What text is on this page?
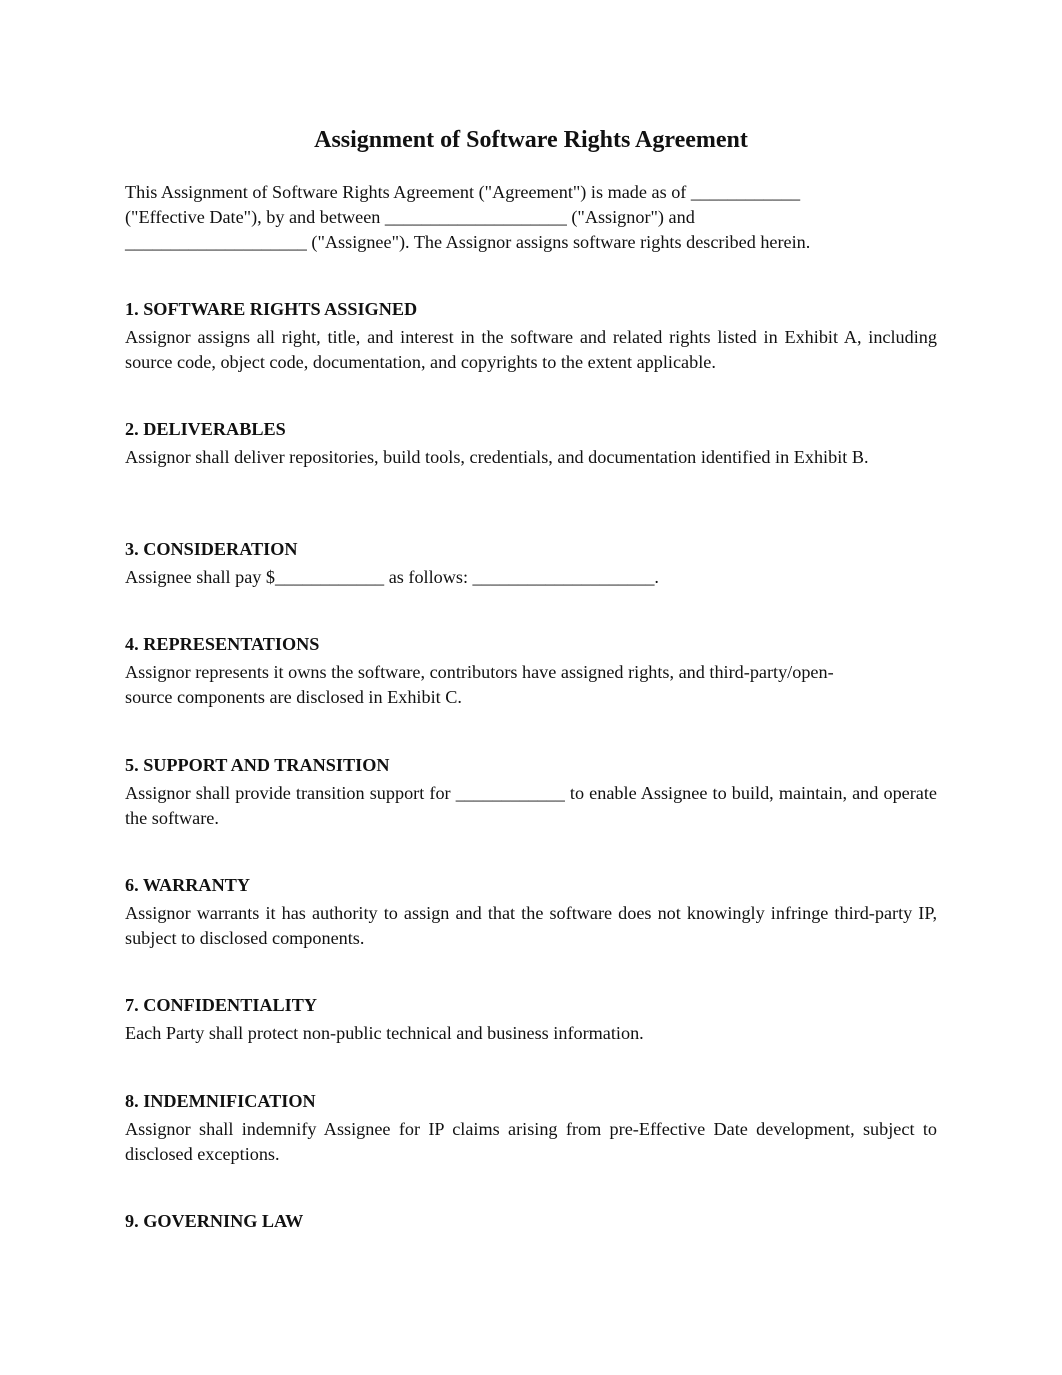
Assignment of Software Rights Agreement
This Assignment of Software Rights Agreement ("Agreement") is made as of ____________
("Effective Date"), by and between ____________________ ("Assignor") and
____________________ ("Assignee"). The Assignor assigns software rights described herein.
1. SOFTWARE RIGHTS ASSIGNED

Assignor assigns all right, title, and interest in the software and related rights listed in Exhibit A, including source code, object code, documentation, and copyrights to the extent applicable.

2. DELIVERABLES

Assignor shall deliver repositories, build tools, credentials, and documentation identified in Exhibit B.

3. CONSIDERATION

Assignee shall pay $____________ as follows: ____________________.

4. REPRESENTATIONS

Assignor represents it owns the software, contributors have assigned rights, and third-party/open-
source components are disclosed in Exhibit C.

5. SUPPORT AND TRANSITION

Assignor shall provide transition support for ____________ to enable Assignee to build, maintain, and operate the software.

6. WARRANTY

Assignor warrants it has authority to assign and that the software does not knowingly infringe third-party IP, subject to disclosed components.

7. CONFIDENTIALITY

Each Party shall protect non-public technical and business information.

8. INDEMNIFICATION

Assignor shall indemnify Assignee for IP claims arising from pre-Effective Date development, subject to disclosed exceptions.

9. GOVERNING LAW
